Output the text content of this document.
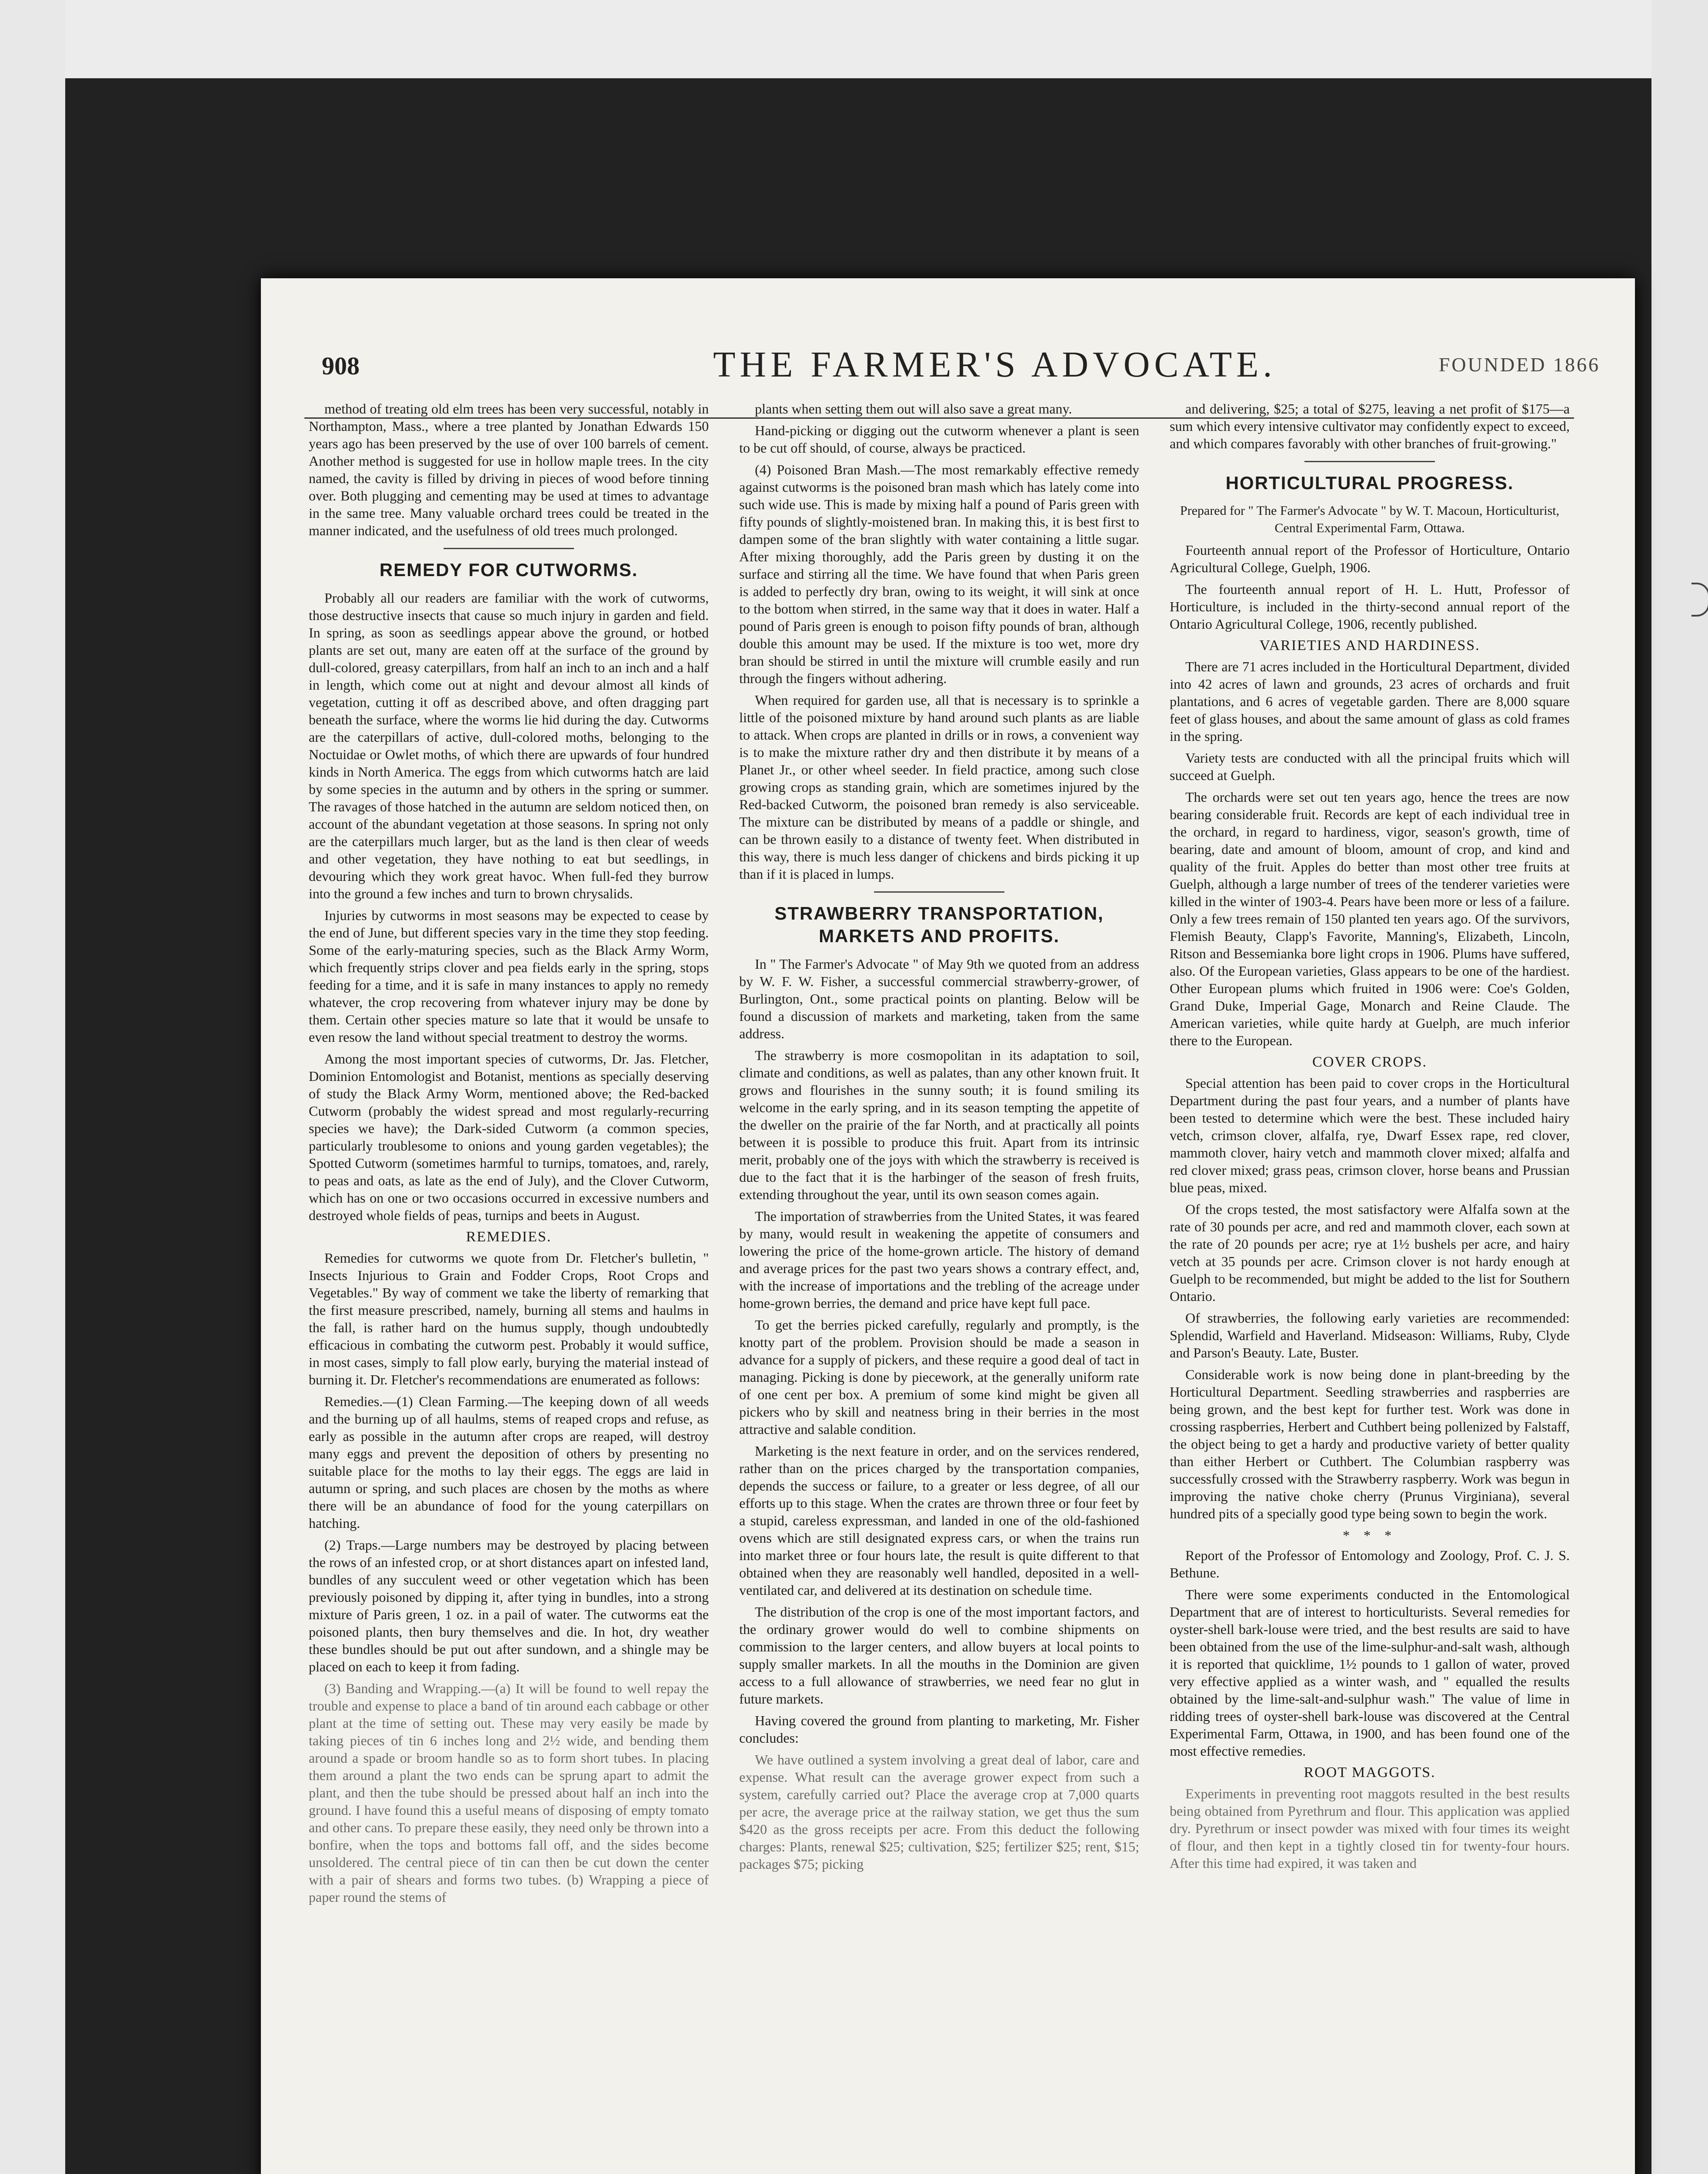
908	THE FARMER'S ADVOCATE.	FOUNDED 1866

method of treating old elm trees has been very successful, notably in Northampton, Mass., where a tree planted by Jonathan Edwards 150 years ago has been preserved by the use of over 100 barrels of cement. Another method is suggested for use in hollow maple trees. In the city named, the cavity is filled by driving in pieces of wood before tinning over. Both plugging and cementing may be used at times to advantage in the same tree. Many valuable orchard trees could be treated in the manner indicated, and the usefulness of old trees much prolonged.

REMEDY FOR CUTWORMS.

Probably all our readers are familiar with the work of cutworms, those destructive insects that cause so much injury in garden and field. In spring, as soon as seedlings appear above the ground, or hotbed plants are set out, many are eaten off at the surface of the ground by dull-colored, greasy caterpillars, from half an inch to an inch and a half in length, which come out at night and devour almost all kinds of vegetation, cutting it off as described above, and often dragging part beneath the surface, where the worms lie hid during the day. Cutworms are the caterpillars of active, dull-colored moths, belonging to the Noctuidae or Owlet moths, of which there are upwards of four hundred kinds in North America. The eggs from which cutworms hatch are laid by some species in the autumn and by others in the spring or summer. The ravages of those hatched in the autumn are seldom noticed then, on account of the abundant vegetation at those seasons. In spring not only are the caterpillars much larger, but as the land is then clear of weeds and other vegetation, they have nothing to eat but seedlings, in devouring which they work great havoc. When full-fed they burrow into the ground a few inches and turn to brown chrysalids.

Injuries by cutworms in most seasons may be expected to cease by the end of June, but different species vary in the time they stop feeding. Some of the early-maturing species, such as the Black Army Worm, which frequently strips clover and pea fields early in the spring, stops feeding for a time, and it is safe in many instances to apply no remedy whatever, the crop recovering from whatever injury may be done by them. Certain other species mature so late that it would be unsafe to even resow the land without special treatment to destroy the worms.

Among the most important species of cutworms, Dr. Jas. Fletcher, Dominion Entomologist and Botanist, mentions as specially deserving of study the Black Army Worm, mentioned above; the Red-backed Cutworm (probably the widest spread and most regularly-recurring species we have); the Dark-sided Cutworm (a common species, particularly troublesome to onions and young garden vegetables); the Spotted Cutworm (sometimes harmful to turnips, tomatoes, and, rarely, to peas and oats, as late as the end of July), and the Clover Cutworm, which has on one or two occasions occurred in excessive numbers and destroyed whole fields of peas, turnips and beets in August.

REMEDIES.

Remedies for cutworms we quote from Dr. Fletcher's bulletin, " Insects Injurious to Grain and Fodder Crops, Root Crops and Vegetables." By way of comment we take the liberty of remarking that the first measure prescribed, namely, burning all stems and haulms in the fall, is rather hard on the humus supply, though undoubtedly efficacious in combating the cutworm pest. Probably it would suffice, in most cases, simply to fall plow early, burying the material instead of burning it. Dr. Fletcher's recommendations are enumerated as follows:

Remedies.—(1) Clean Farming.—The keeping down of all weeds and the burning up of all haulms, stems of reaped crops and refuse, as early as possible in the autumn after crops are reaped, will destroy many eggs and prevent the deposition of others by presenting no suitable place for the moths to lay their eggs. The eggs are laid in autumn or spring, and such places are chosen by the moths as where there will be an abundance of food for the young caterpillars on hatching.

(2) Traps.—Large numbers may be destroyed by placing between the rows of an infested crop, or at short distances apart on infested land, bundles of any succulent weed or other vegetation which has been previously poisoned by dipping it, after tying in bundles, into a strong mixture of Paris green, 1 oz. in a pail of water. The cutworms eat the poisoned plants, then bury themselves and die. In hot, dry weather these bundles should be put out after sundown, and a shingle may be placed on each to keep it from fading.

(3) Banding and Wrapping.—(a) It will be found to well repay the trouble and expense to place a band of tin around each cabbage or other plant at the time of setting out. These may very easily be made by taking pieces of tin 6 inches long and 2½ wide, and bending them around a spade or broom handle so as to form short tubes. In placing them around a plant the two ends can be sprung apart to admit the plant, and then the tube should be pressed about half an inch into the ground. I have found this a useful means of disposing of empty tomato and other cans. To prepare these easily, they need only be thrown into a bonfire, when the tops and bottoms fall off, and the sides become unsoldered. The central piece of tin can then be cut down the center with a pair of shears and forms two tubes. (b) Wrapping a piece of paper round the stems of

plants when setting them out will also save a great many.

Hand-picking or digging out the cutworm whenever a plant is seen to be cut off should, of course, always be practiced.

(4) Poisoned Bran Mash.—The most remarkably effective remedy against cutworms is the poisoned bran mash which has lately come into such wide use. This is made by mixing half a pound of Paris green with fifty pounds of slightly-moistened bran. In making this, it is best first to dampen some of the bran slightly with water containing a little sugar. After mixing thoroughly, add the Paris green by dusting it on the surface and stirring all the time. We have found that when Paris green is added to perfectly dry bran, owing to its weight, it will sink at once to the bottom when stirred, in the same way that it does in water. Half a pound of Paris green is enough to poison fifty pounds of bran, although double this amount may be used. If the mixture is too wet, more dry bran should be stirred in until the mixture will crumble easily and run through the fingers without adhering.

When required for garden use, all that is necessary is to sprinkle a little of the poisoned mixture by hand around such plants as are liable to attack. When crops are planted in drills or in rows, a convenient way is to make the mixture rather dry and then distribute it by means of a Planet Jr., or other wheel seeder. In field practice, among such close growing crops as standing grain, which are sometimes injured by the Red-backed Cutworm, the poisoned bran remedy is also serviceable. The mixture can be distributed by means of a paddle or shingle, and can be thrown easily to a distance of twenty feet. When distributed in this way, there is much less danger of chickens and birds picking it up than if it is placed in lumps.

STRAWBERRY TRANSPORTATION, MARKETS AND PROFITS.

In " The Farmer's Advocate " of May 9th we quoted from an address by W. F. W. Fisher, a successful commercial strawberry-grower, of Burlington, Ont., some practical points on planting. Below will be found a discussion of markets and marketing, taken from the same address.

The strawberry is more cosmopolitan in its adaptation to soil, climate and conditions, as well as palates, than any other known fruit. It grows and flourishes in the sunny south; it is found smiling its welcome in the early spring, and in its season tempting the appetite of the dweller on the prairie of the far North, and at practically all points between it is possible to produce this fruit. Apart from its intrinsic merit, probably one of the joys with which the strawberry is received is due to the fact that it is the harbinger of the season of fresh fruits, extending throughout the year, until its own season comes again.

The importation of strawberries from the United States, it was feared by many, would result in weakening the appetite of consumers and lowering the price of the home-grown article. The history of demand and average prices for the past two years shows a contrary effect, and, with the increase of importations and the trebling of the acreage under home-grown berries, the demand and price have kept full pace.

To get the berries picked carefully, regularly and promptly, is the knotty part of the problem. Provision should be made a season in advance for a supply of pickers, and these require a good deal of tact in managing. Picking is done by piecework, at the generally uniform rate of one cent per box. A premium of some kind might be given all pickers who by skill and neatness bring in their berries in the most attractive and salable condition.

Marketing is the next feature in order, and on the services rendered, rather than on the prices charged by the transportation companies, depends the success or failure, to a greater or less degree, of all our efforts up to this stage. When the crates are thrown three or four feet by a stupid, careless expressman, and landed in one of the old-fashioned ovens which are still designated express cars, or when the trains run into market three or four hours late, the result is quite different to that obtained when they are reasonably well handled, deposited in a well-ventilated car, and delivered at its destination on schedule time.

The distribution of the crop is one of the most important factors, and the ordinary grower would do well to combine shipments on commission to the larger centers, and allow buyers at local points to supply smaller markets. In all the mouths in the Dominion are given access to a full allowance of strawberries, we need fear no glut in future markets.

Having covered the ground from planting to marketing, Mr. Fisher concludes:

We have outlined a system involving a great deal of labor, care and expense. What result can the average grower expect from such a system, carefully carried out? Place the average crop at 7,000 quarts per acre, the average price at the railway station, we get thus the sum $420 as the gross receipts per acre. From this deduct the following charges: Plants, renewal $25; cultivation, $25; fertilizer $25; rent, $15; packages $75; picking

and delivering, $25; a total of $275, leaving a net profit of $175—a sum which every intensive cultivator may confidently expect to exceed, and which compares favorably with other branches of fruit-growing."

HORTICULTURAL PROGRESS.

Prepared for " The Farmer's Advocate " by W. T. Macoun, Horticulturist, Central Experimental Farm, Ottawa.

Fourteenth annual report of the Professor of Horticulture, Ontario Agricultural College, Guelph, 1906.

The fourteenth annual report of H. L. Hutt, Professor of Horticulture, is included in the thirty-second annual report of the Ontario Agricultural College, 1906, recently published.

VARIETIES AND HARDINESS.

There are 71 acres included in the Horticultural Department, divided into 42 acres of lawn and grounds, 23 acres of orchards and fruit plantations, and 6 acres of vegetable garden. There are 8,000 square feet of glass houses, and about the same amount of glass as cold frames in the spring.

Variety tests are conducted with all the principal fruits which will succeed at Guelph.

The orchards were set out ten years ago, hence the trees are now bearing considerable fruit. Records are kept of each individual tree in the orchard, in regard to hardiness, vigor, season's growth, time of bearing, date and amount of bloom, amount of crop, and kind and quality of the fruit. Apples do better than most other tree fruits at Guelph, although a large number of trees of the tenderer varieties were killed in the winter of 1903-4. Pears have been more or less of a failure. Only a few trees remain of 150 planted ten years ago. Of the survivors, Flemish Beauty, Clapp's Favorite, Manning's, Elizabeth, Lincoln, Ritson and Bessemianka bore light crops in 1906. Plums have suffered, also. Of the European varieties, Glass appears to be one of the hardiest. Other European plums which fruited in 1906 were: Coe's Golden, Grand Duke, Imperial Gage, Monarch and Reine Claude. The American varieties, while quite hardy at Guelph, are much inferior there to the European.

COVER CROPS.

Special attention has been paid to cover crops in the Horticultural Department during the past four years, and a number of plants have been tested to determine which were the best. These included hairy vetch, crimson clover, alfalfa, rye, Dwarf Essex rape, red clover, mammoth clover, hairy vetch and mammoth clover mixed; alfalfa and red clover mixed; grass peas, crimson clover, horse beans and Prussian blue peas, mixed.

Of the crops tested, the most satisfactory were Alfalfa sown at the rate of 30 pounds per acre, and red and mammoth clover, each sown at the rate of 20 pounds per acre; rye at 1½ bushels per acre, and hairy vetch at 35 pounds per acre. Crimson clover is not hardy enough at Guelph to be recommended, but might be added to the list for Southern Ontario.

Of strawberries, the following early varieties are recommended: Splendid, Warfield and Haverland. Midseason: Williams, Ruby, Clyde and Parson's Beauty. Late, Buster.

Considerable work is now being done in plant-breeding by the Horticultural Department. Seedling strawberries and raspberries are being grown, and the best kept for further test. Work was done in crossing raspberries, Herbert and Cuthbert being pollenized by Falstaff, the object being to get a hardy and productive variety of better quality than either Herbert or Cuthbert. The Columbian raspberry was successfully crossed with the Strawberry raspberry. Work was begun in improving the native choke cherry (Prunus Virginiana), several hundred pits of a specially good type being sown to begin the work.

* * *

Report of the Professor of Entomology and Zoology, Prof. C. J. S. Bethune.

There were some experiments conducted in the Entomological Department that are of interest to horticulturists. Several remedies for oyster-shell bark-louse were tried, and the best results are said to have been obtained from the use of the lime-sulphur-and-salt wash, although it is reported that quicklime, 1½ pounds to 1 gallon of water, proved very effective applied as a winter wash, and " equalled the results obtained by the lime-salt-and-sulphur wash." The value of lime in ridding trees of oyster-shell bark-louse was discovered at the Central Experimental Farm, Ottawa, in 1900, and has been found one of the most effective remedies.

ROOT MAGGOTS.

Experiments in preventing root maggots resulted in the best results being obtained from Pyrethrum and flour. This application was applied dry. Pyrethrum or insect powder was mixed with four times its weight of flour, and then kept in a tightly closed tin for twenty-four hours. After this time had expired, it was taken and
